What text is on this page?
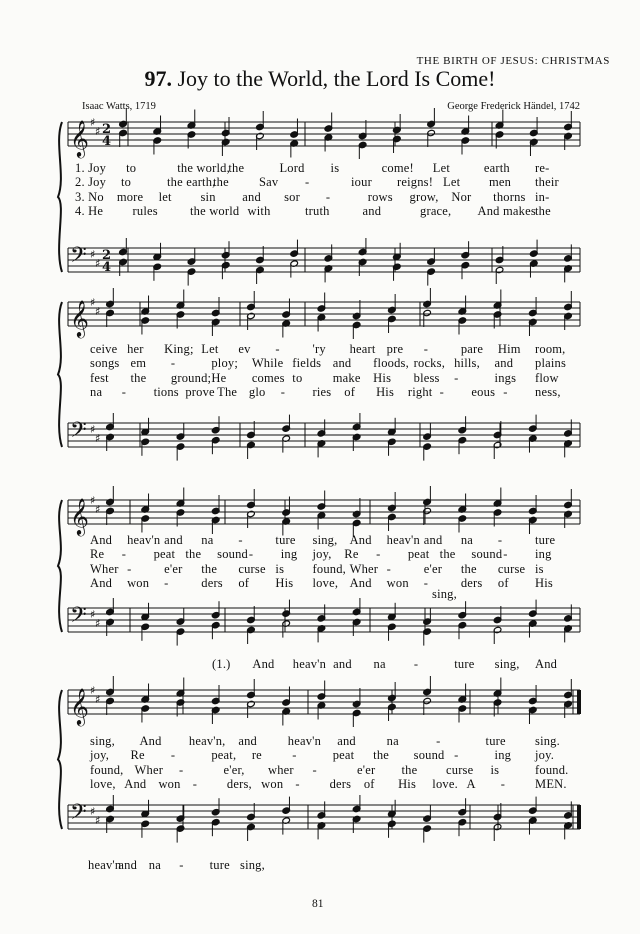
THE BIRTH OF JESUS: CHRISTMAS
97. Joy to the World, the Lord Is Come!
Isaac Watts, 1719	George Frederick Händel, 1742
𝄞 ♯
♯
𝄢 ♯
♯
2
4
2
4
𝄞 ♯
♯
𝄢 ♯
♯
𝄞 ♯
♯
𝄢 ♯
♯
𝄞 ♯
♯
𝄢 ♯
♯
1. Joy to	the world,
the	Lord is	come! Let	earth re-
2. Joy to	the earth,
the Sav -	iour reigns! Let men their
3. No more let sin and sor -	rows grow, Nor thorns in-
4. He rules	the world with	truth	and	grace, And makes the
ceive her King; Let ev -	'ry heart pre -	pare Him room,
songs em -	ploy; While fields and floods, rocks, hills, and plains
fest the ground; He comes to make His bless -	ings flow
na - tions prove The glo - ries of His right - eous - ness,
And heav'n and na -	ture sing, And heav'n and na -	ture
Re - peat the sound - ing joy, Re - peat the sound - ing
Wher -	e'er the curse is found, Wher -	e'er the curse is
And won -	ders of His love, And won -	ders of His
sing,
(1.) And heav'n and na -	ture sing, And
sing, And heav'n, and heav'n and na	-	ture sing.
joy, Re -	peat, re -	peat the sound -	ing joy.
found, Wher -	e'er, wher -	e'er the curse is	found.
love, And won - ders, won - ders of His love. A - MEN.
heav'n
and na - ture sing,
81
